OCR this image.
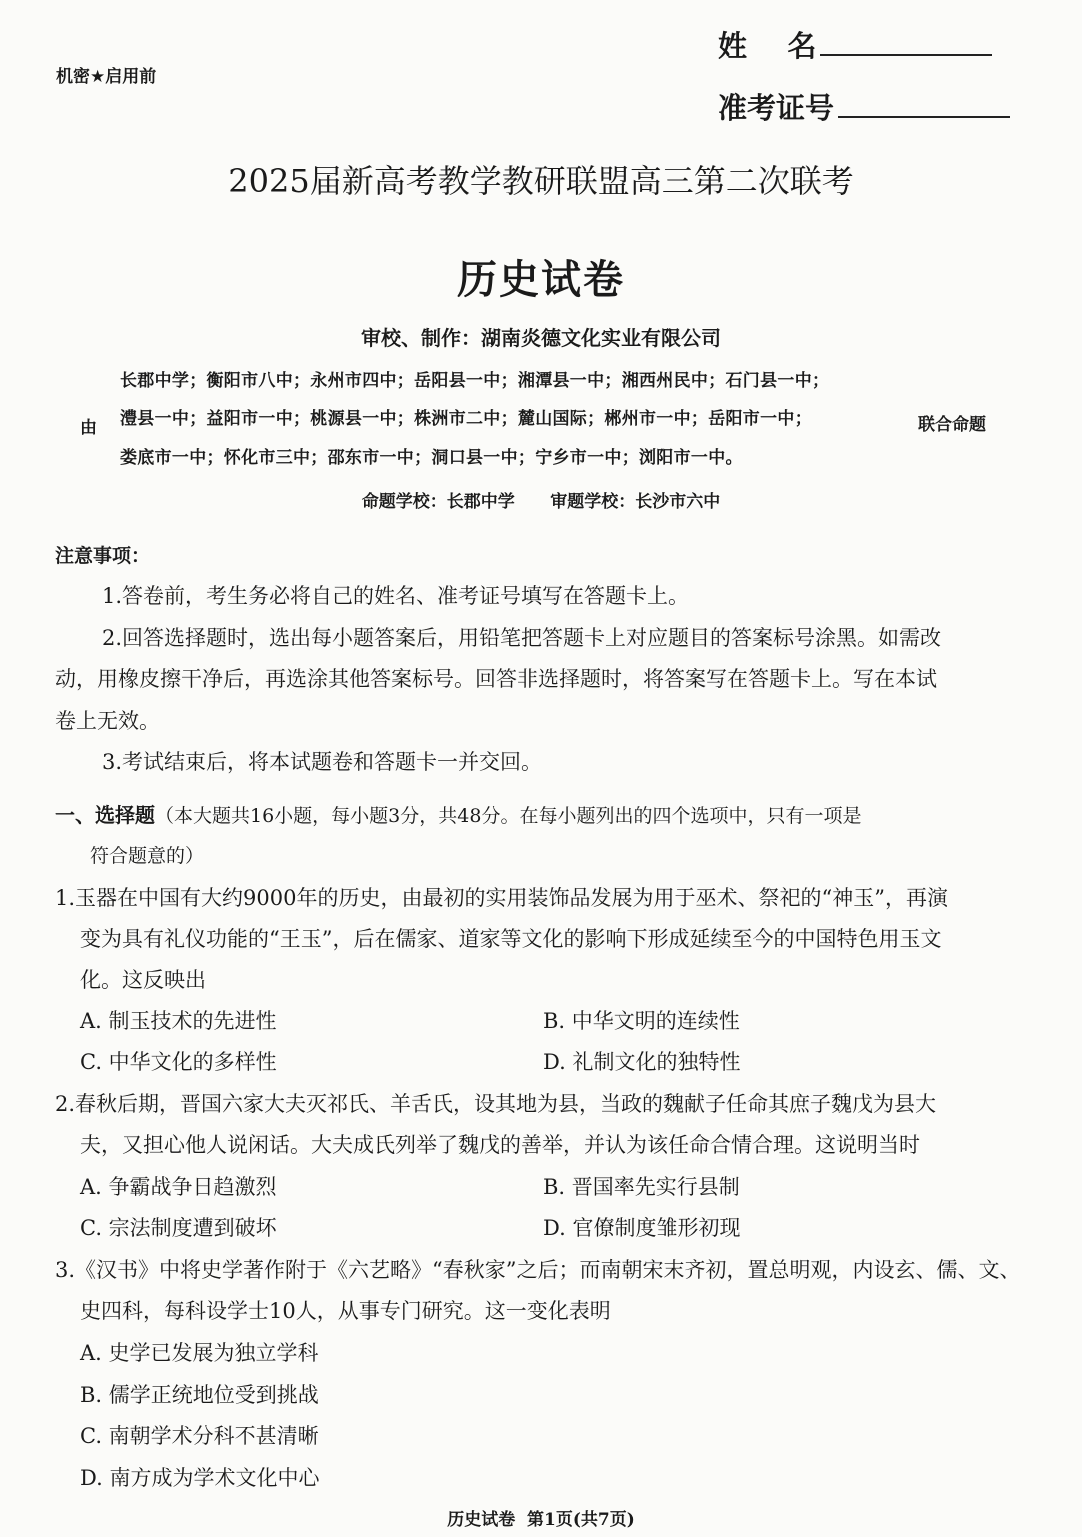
机密★启用前
姓    名
准考证号
2025届新高考教学教研联盟高三第二次联考
历史试卷
审校、制作：湖南炎德文化实业有限公司
由
长郡中学；衡阳市八中；永州市四中；岳阳县一中；湘潭县一中；湘西州民中；石门县一中；
澧县一中；益阳市一中；桃源县一中；株洲市二中；麓山国际；郴州市一中；岳阳市一中；
娄底市一中；怀化市三中；邵东市一中；洞口县一中；宁乡市一中；浏阳市一中。
联合命题
命题学校：长郡中学      审题学校：长沙市六中
注意事项：
1.答卷前，考生务必将自己的姓名、准考证号填写在答题卡上。
2.回答选择题时，选出每小题答案后，用铅笔把答题卡上对应题目的答案标号涂黑。如需改
动，用橡皮擦干净后，再选涂其他答案标号。回答非选择题时，将答案写在答题卡上。写在本试
卷上无效。
3.考试结束后，将本试题卷和答题卡一并交回。
一、选择题（本大题共16小题，每小题3分，共48分。在每小题列出的四个选项中，只有一项是
符合题意的）
1.玉器在中国有大约9000年的历史，由最初的实用装饰品发展为用于巫术、祭祀的“神玉”，再演
变为具有礼仪功能的“王玉”，后在儒家、道家等文化的影响下形成延续至今的中国特色用玉文
化。这反映出
A. 制玉技术的先进性	B. 中华文明的连续性
C. 中华文化的多样性	D. 礼制文化的独特性
2.春秋后期，晋国六家大夫灭祁氏、羊舌氏，设其地为县，当政的魏献子任命其庶子魏戊为县大
夫，又担心他人说闲话。大夫成氏列举了魏戊的善举，并认为该任命合情合理。这说明当时
A. 争霸战争日趋激烈	B. 晋国率先实行县制
C. 宗法制度遭到破坏	D. 官僚制度雏形初现
3.《汉书》中将史学著作附于《六艺略》“春秋家”之后；而南朝宋末齐初，置总明观，内设玄、儒、文、
史四科，每科设学士10人，从事专门研究。这一变化表明
A. 史学已发展为独立学科
B. 儒学正统地位受到挑战
C. 南朝学术分科不甚清晰
D. 南方成为学术文化中心
历史试卷  第1页(共7页)
